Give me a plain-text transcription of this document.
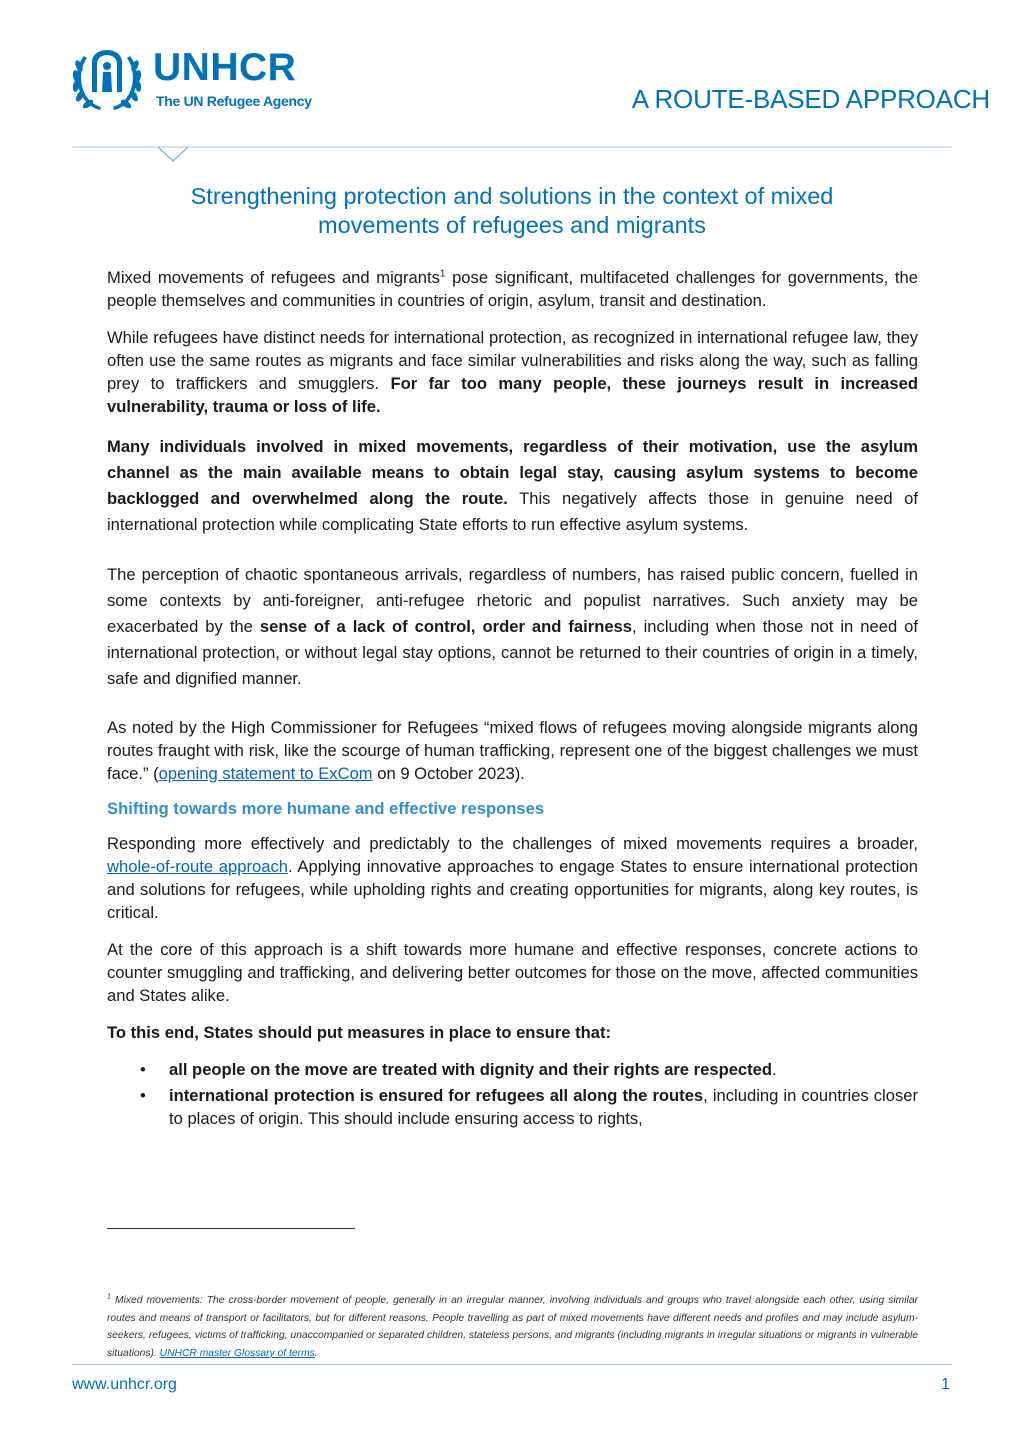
UNHCR
The UN Refugee Agency	A ROUTE-BASED APPROACH
Strengthening protection and solutions in the context of mixed
movements of refugees and migrants

Mixed movements of refugees and migrants$^1$ pose significant, multifaceted challenges for governments, the people themselves and communities in countries of origin, asylum, transit and destination.

While refugees have distinct needs for international protection, as recognized in international refugee law, they often use the same routes as migrants and face similar vulnerabilities and risks along the way, such as falling prey to traffickers and smugglers. For far too many people, these journeys result in increased vulnerability, trauma or loss of life.

Many individuals involved in mixed movements, regardless of their motivation, use the asylum channel as the main available means to obtain legal stay, causing asylum systems to become backlogged and overwhelmed along the route. This negatively affects those in genuine need of international protection while complicating State efforts to run effective asylum systems.

The perception of chaotic spontaneous arrivals, regardless of numbers, has raised public concern, fuelled in some contexts by anti-foreigner, anti-refugee rhetoric and populist narratives. Such anxiety may be exacerbated by the sense of a lack of control, order and fairness, including when those not in need of international protection, or without legal stay options, cannot be returned to their countries of origin in a timely, safe and dignified manner.

As noted by the High Commissioner for Refugees “mixed flows of refugees moving alongside migrants along routes fraught with risk, like the scourge of human trafficking, represent one of the biggest challenges we must face.” (opening statement to ExCom on 9 October 2023).

Shifting towards more humane and effective responses

Responding more effectively and predictably to the challenges of mixed movements requires a broader, whole-of-route approach. Applying innovative approaches to engage States to ensure international protection and solutions for refugees, while upholding rights and creating opportunities for migrants, along key routes, is critical.

At the core of this approach is a shift towards more humane and effective responses, concrete actions to counter smuggling and trafficking, and delivering better outcomes for those on the move, affected communities and States alike.

To this end, States should put measures in place to ensure that:

• all people on the move are treated with dignity and their rights are respected.
• international protection is ensured for refugees all along the routes, including in countries closer to places of origin. This should include ensuring access to rights,
$^1$ Mixed movements: The cross-border movement of people, generally in an irregular manner, involving individuals and groups who travel alongside each other, using similar routes and means of transport or facilitators, but for different reasons. People travelling as part of mixed movements have different needs and profiles and may include asylum-seekers, refugees, victims of trafficking, unaccompanied or separated children, stateless persons, and migrants (including migrants in irregular situations or migrants in vulnerable situations). UNHCR master Glossary of terms.
www.unhcr.org	1
